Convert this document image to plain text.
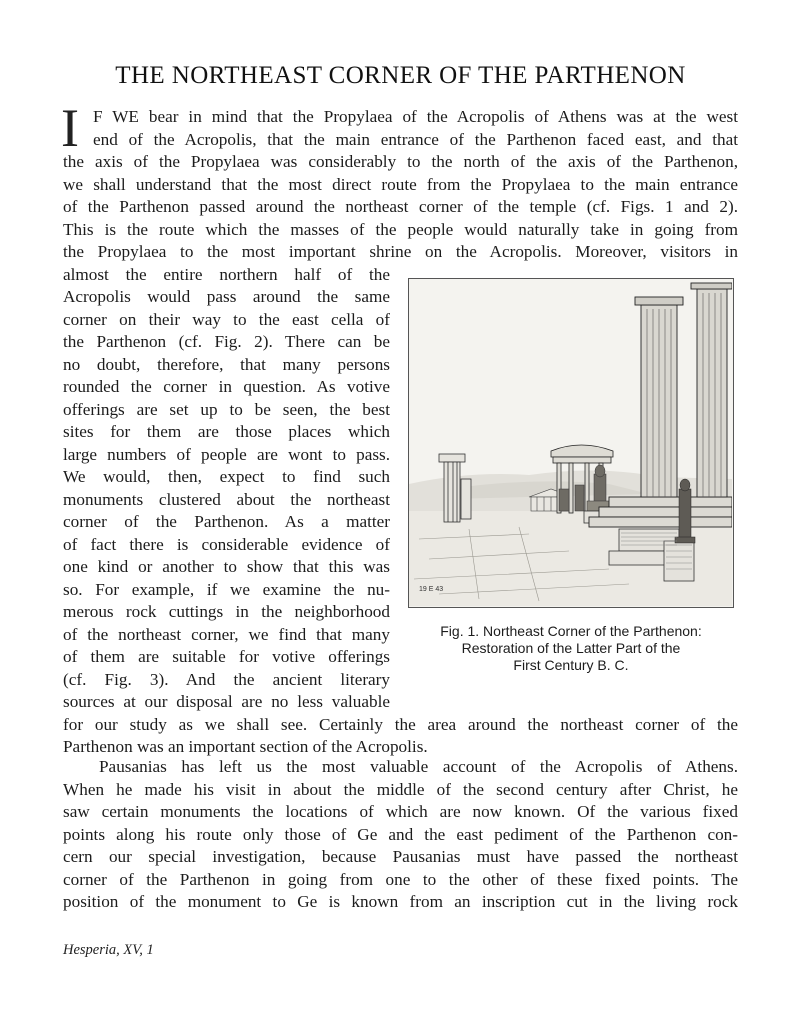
THE NORTHEAST CORNER OF THE PARTHENON
I F WE bear in mind that the Propylaea of the Acropolis of Athens was at the west
end of the Acropolis, that the main entrance of the Parthenon faced east, and that
the axis of the Propylaea was considerably to the north of the axis of the Parthenon,
we shall understand that the most direct route from the Propylaea to the main entrance
of the Parthenon passed around the northeast corner of the temple (cf. Figs. 1 and 2).
This is the route which the masses of the people would naturally take in going from
the Propylaea to the most important shrine on the Acropolis. Moreover, visitors in
almost the entire northern half of the
Acropolis would pass around the same
corner on their way to the east cella of
the Parthenon (cf. Fig. 2). There can be
no doubt, therefore, that many persons
rounded the corner in question. As votive
offerings are set up to be seen, the best
sites for them are those places which
large numbers of people are wont to pass.
We would, then, expect to find such
monuments clustered about the northeast
corner of the Parthenon. As a matter
of fact there is considerable evidence of
one kind or another to show that this was
so. For example, if we examine the nu-
merous rock cuttings in the neighborhood
of the northeast corner, we find that many
of them are suitable for votive offerings
(cf. Fig. 3). And the ancient literary
sources at our disposal are no less valuable
for our study as we shall see. Certainly the area around the northeast corner of the
Parthenon was an important section of the Acropolis.
Pausanias has left us the most valuable account of the Acropolis of Athens.
When he made his visit in about the middle of the second century after Christ, he
saw certain monuments the locations of which are now known. Of the various fixed
points along his route only those of Ge and the east pediment of the Parthenon con-
cern our special investigation, because Pausanias must have passed the northeast
corner of the Parthenon in going from one to the other of these fixed points. The
position of the monument to Ge is known from an inscription cut in the living rock
19 E 43
Fig. 1. Northeast Corner of the Parthenon:
Restoration of the Latter Part of the
First Century B. C.
Hesperia, XV, 1
